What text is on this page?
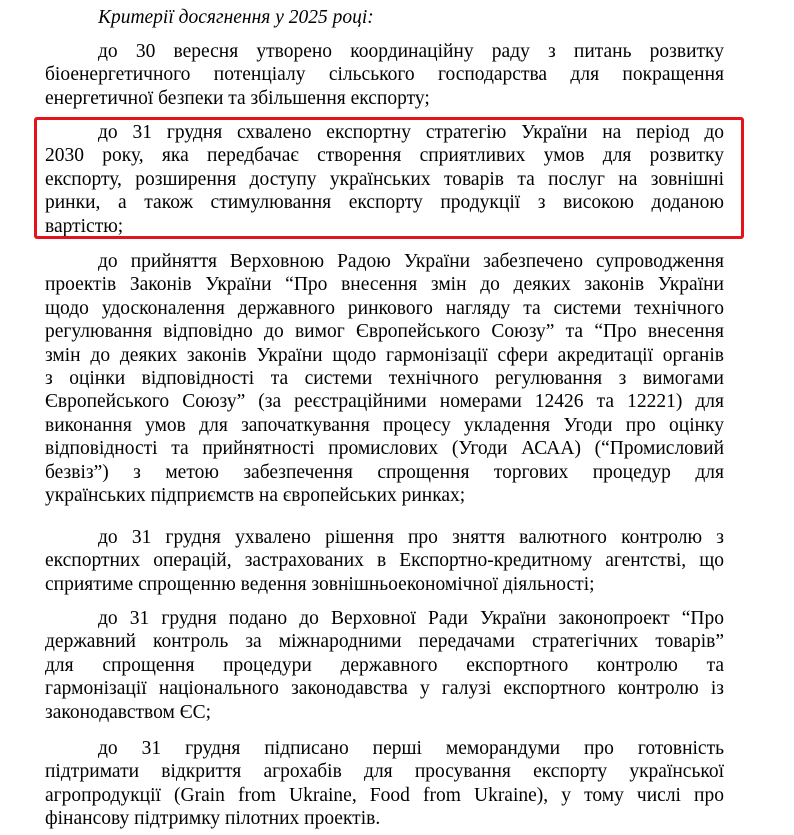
Критерії досягнення у 2025 році:
до 30 вересня утворено координаційну раду з питань розвитку
біоенергетичного потенціалу сільського господарства для покращення
енергетичної безпеки та збільшення експорту;
до 31 грудня схвалено експортну стратегію України на період до
2030 року, яка передбачає створення сприятливих умов для розвитку
експорту, розширення доступу українських товарів та послуг на зовнішні
ринки, а також стимулювання експорту продукції з високою доданою
вартістю;
до прийняття Верховною Радою України забезпечено супроводження
проектів Законів України “Про внесення змін до деяких законів України
щодо удосконалення державного ринкового нагляду та системи технічного
регулювання відповідно до вимог Європейського Союзу” та “Про внесення
змін до деяких законів України щодо гармонізації сфери акредитації органів
з оцінки відповідності та системи технічного регулювання з вимогами
Європейського Союзу” (за реєстраційними номерами 12426 та 12221) для
виконання умов для започаткування процесу укладення Угоди про оцінку
відповідності та прийнятності промислових (Угоди АСАА) (“Промисловий
безвіз”) з метою забезпечення спрощення торгових процедур для
українських підприємств на європейських ринках;
до 31 грудня ухвалено рішення про зняття валютного контролю з
експортних операцій, застрахованих в Експортно-кредитному агентстві, що
сприятиме спрощенню ведення зовнішньоекономічної діяльності;
до 31 грудня подано до Верховної Ради України законопроект “Про
державний контроль за міжнародними передачами стратегічних товарів”
для спрощення процедури державного експортного контролю та
гармонізації національного законодавства у галузі експортного контролю із
законодавством ЄС;
до 31 грудня підписано перші меморандуми про готовність
підтримати відкриття агрохабів для просування експорту української
агропродукції (Grain from Ukraine, Food from Ukraine), у тому числі про
фінансову підтримку пілотних проектів.
